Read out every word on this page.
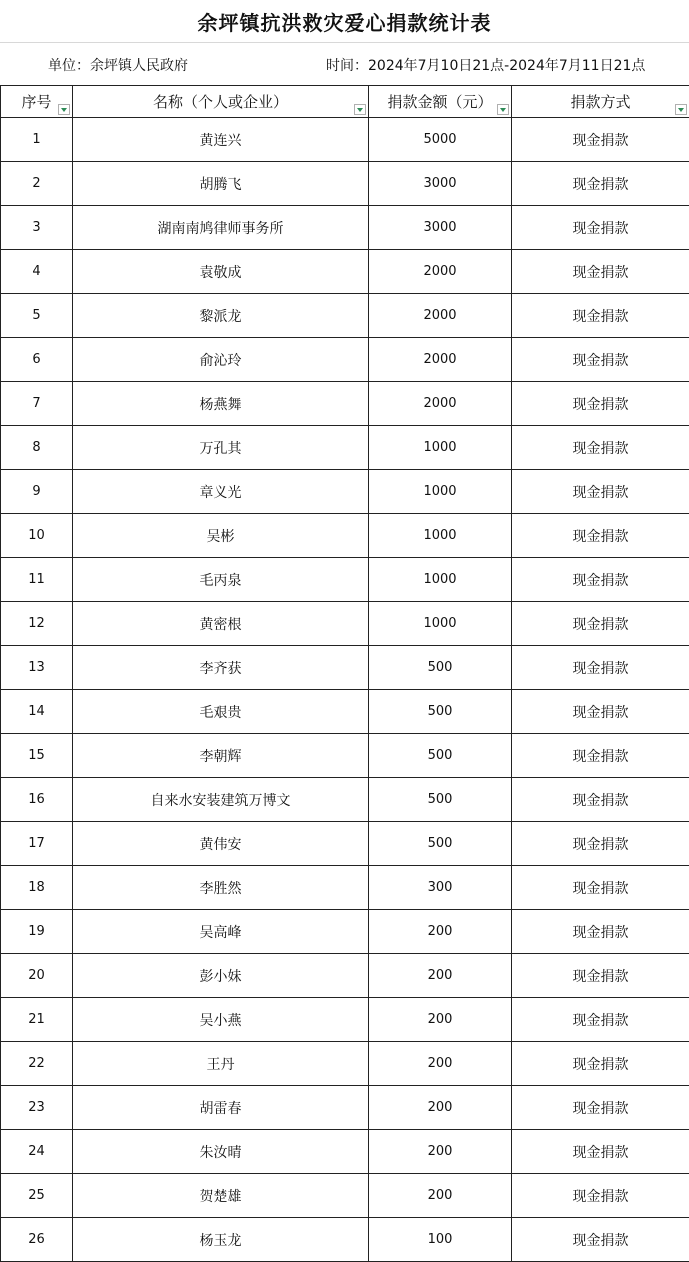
余坪镇抗洪救灾爱心捐款统计表
单位：余坪镇人民政府	时间：2024年7月10日21点-2024年7月11日21点
序号	名称（个人或企业）	捐款金额（元）	捐款方式

1	黄连兴	5000	现金捐款
2	胡腾飞	3000	现金捐款
3	湖南南鸠律师事务所	3000	现金捐款
4	袁敬成	2000	现金捐款
5	黎派龙	2000	现金捐款
6	俞沁玲	2000	现金捐款
7	杨燕舞	2000	现金捐款
8	万孔其	1000	现金捐款
9	章义光	1000	现金捐款
10	吴彬	1000	现金捐款
11	毛丙泉	1000	现金捐款
12	黄密根	1000	现金捐款
13	李齐获	500	现金捐款
14	毛艰贵	500	现金捐款
15	李朝辉	500	现金捐款
16	自来水安装建筑万博文	500	现金捐款
17	黄伟安	500	现金捐款
18	李胜然	300	现金捐款
19	吴高峰	200	现金捐款
20	彭小妹	200	现金捐款
21	吴小燕	200	现金捐款
22	王丹	200	现金捐款
23	胡雷春	200	现金捐款
24	朱汝晴	200	现金捐款
25	贺楚雄	200	现金捐款
26	杨玉龙	100	现金捐款
